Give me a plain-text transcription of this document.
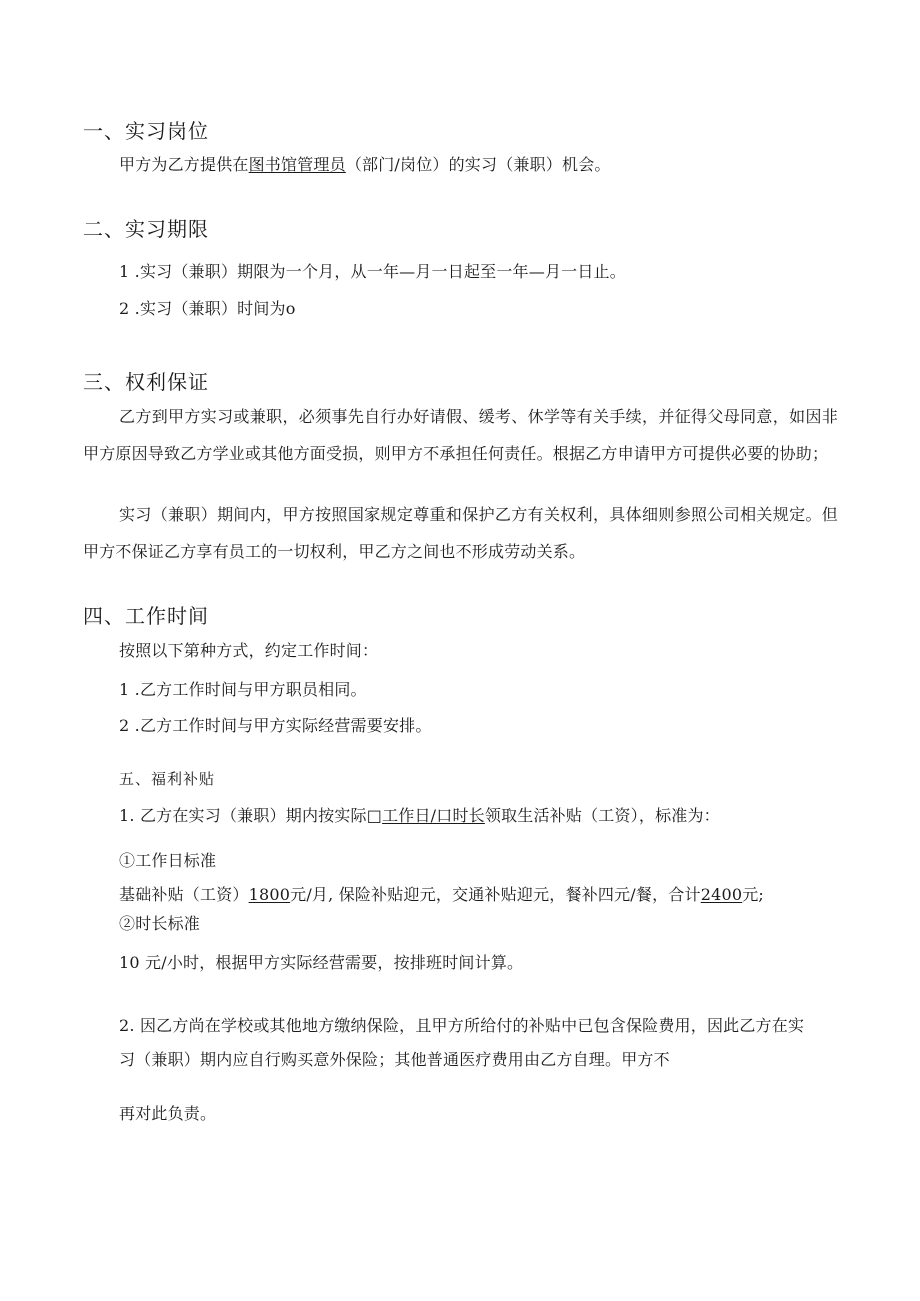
一、实习岗位
甲方为乙方提供在图书馆管理员（部门/岗位）的实习（兼职）机会。
二、实习期限
1 .实习（兼职）期限为一个月，从一年—月一日起至一年—月一日止。
2 .实习（兼职）时间为o
三、权利保证
乙方到甲方实习或兼职，必须事先自行办好请假、缓考、休学等有关手续，并征得父母同意，如因非甲方原因导致乙方学业或其他方面受损，则甲方不承担任何责任。根据乙方申请甲方可提供必要的协助；
实习（兼职）期间内，甲方按照国家规定尊重和保护乙方有关权利，具体细则参照公司相关规定。但甲方不保证乙方享有员工的一切权利，甲乙方之间也不形成劳动关系。
四、工作时间
按照以下第种方式，约定工作时间：
1 .乙方工作时间与甲方职员相同。
2 .乙方工作时间与甲方实际经营需要安排。
五、福利补贴
1. 乙方在实习（兼职）期内按实际□工作日/口时长领取生活补贴（工资），标准为：
①工作日标准
基础补贴（工资）1800元/月, 保险补贴迎元，交通补贴迎元，餐补四元/餐，合计2400元;
②时长标准
10 元/小时，根据甲方实际经营需要，按排班时间计算。
2. 因乙方尚在学校或其他地方缴纳保险，且甲方所给付的补贴中已包含保险费用，因此乙方在实
习（兼职）期内应自行购买意外保险；其他普通医疗费用由乙方自理。甲方不
再对此负责。
